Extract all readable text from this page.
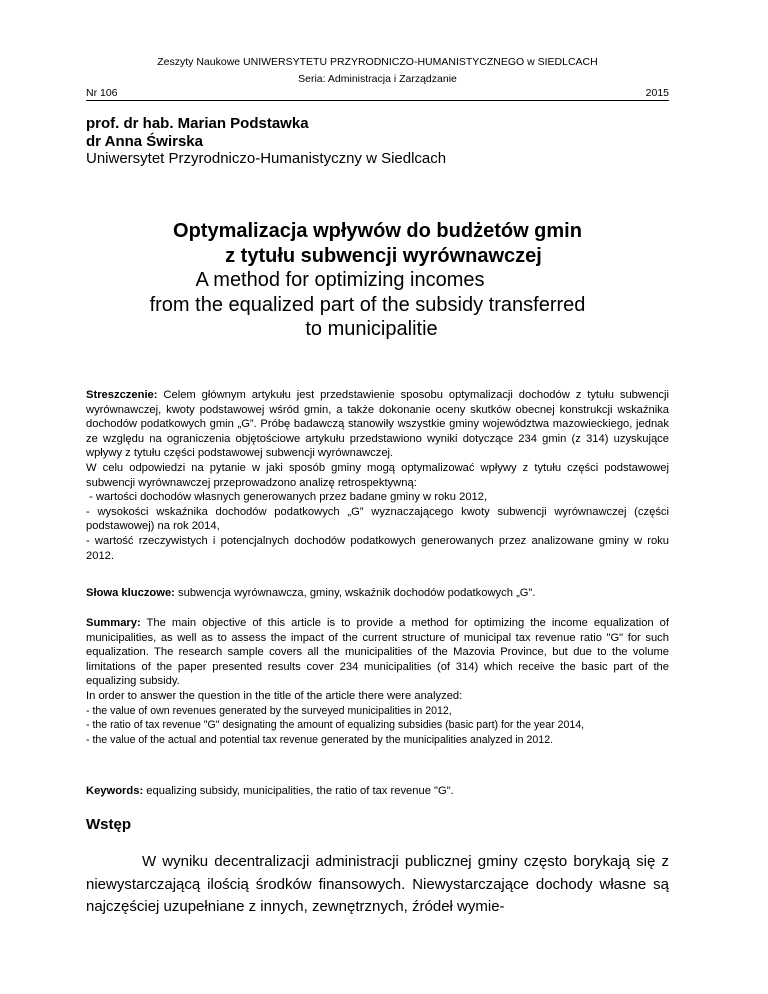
Zeszyty Naukowe UNIWERSYTETU PRZYRODNICZO-HUMANISTYCZNEGO w SIEDLCACH
Seria: Administracja i Zarządzanie
Nr 106	2015
prof. dr hab. Marian Podstawka
dr Anna Świrska
Uniwersytet Przyrodniczo-Humanistyczny w Siedlcach
Optymalizacja wpływów do budżetów gmin
z tytułu subwencji wyrównawczej
A method for optimizing incomes
from the equalized part of the subsidy transferred
to municipalitie

Streszczenie: Celem głównym artykułu jest przedstawienie sposobu optymalizacji dochodów z tytułu subwencji wyrównawczej, kwoty podstawowej wśród gmin, a także dokonanie oceny skutków obecnej konstrukcji wskaźnika dochodów podatkowych gmin „G”. Próbę badawczą stanowiły wszystkie gminy województwa mazowieckiego, jednak ze względu na ograniczenia objętościowe artykułu przedstawiono wyniki dotyczące 234 gmin (z 314) uzyskujące wpływy z tytułu części podstawowej subwencji wyrównawczej.

W celu odpowiedzi na pytanie w jaki sposób gminy mogą optymalizować wpływy z tytułu części podstawowej subwencji wyrównawczej przeprowadzono analizę retrospektywną:

- wartości dochodów własnych generowanych przez badane gminy w roku 2012,

- wysokości wskaźnika dochodów podatkowych „G” wyznaczającego kwoty subwencji wyrównawczej (części podstawowej) na rok 2014,

- wartość rzeczywistych i potencjalnych dochodów podatkowych generowanych przez analizowane gminy w roku 2012.

Słowa kluczowe: subwencja wyrównawcza, gminy, wskaźnik dochodów podatkowych „G”.

Summary: The main objective of this article is to provide a method for optimizing the income equalization of municipalities, as well as to assess the impact of the current structure of municipal tax revenue ratio "G" for such equalization. The research sample covers all the municipalities of the Mazovia Province, but due to the volume limitations of the paper presented results cover 234 municipalities (of 314) which receive the basic part of the equalizing subsidy.

In order to answer the question in the title of the article there were analyzed:

- the value of own revenues generated by the surveyed municipalities in 2012,
- the ratio of tax revenue "G" designating the amount of equalizing subsidies (basic part) for the year 2014,
- the value of the actual and potential tax revenue generated by the municipalities analyzed in 2012.

Keywords: equalizing subsidy, municipalities, the ratio of tax revenue "G".

Wstęp

W wyniku decentralizacji administracji publicznej gminy często borykają się z niewystarczającą ilością środków finansowych. Niewystarczające dochody własne są najczęściej uzupełniane z innych, zewnętrznych, źródeł wymie-
